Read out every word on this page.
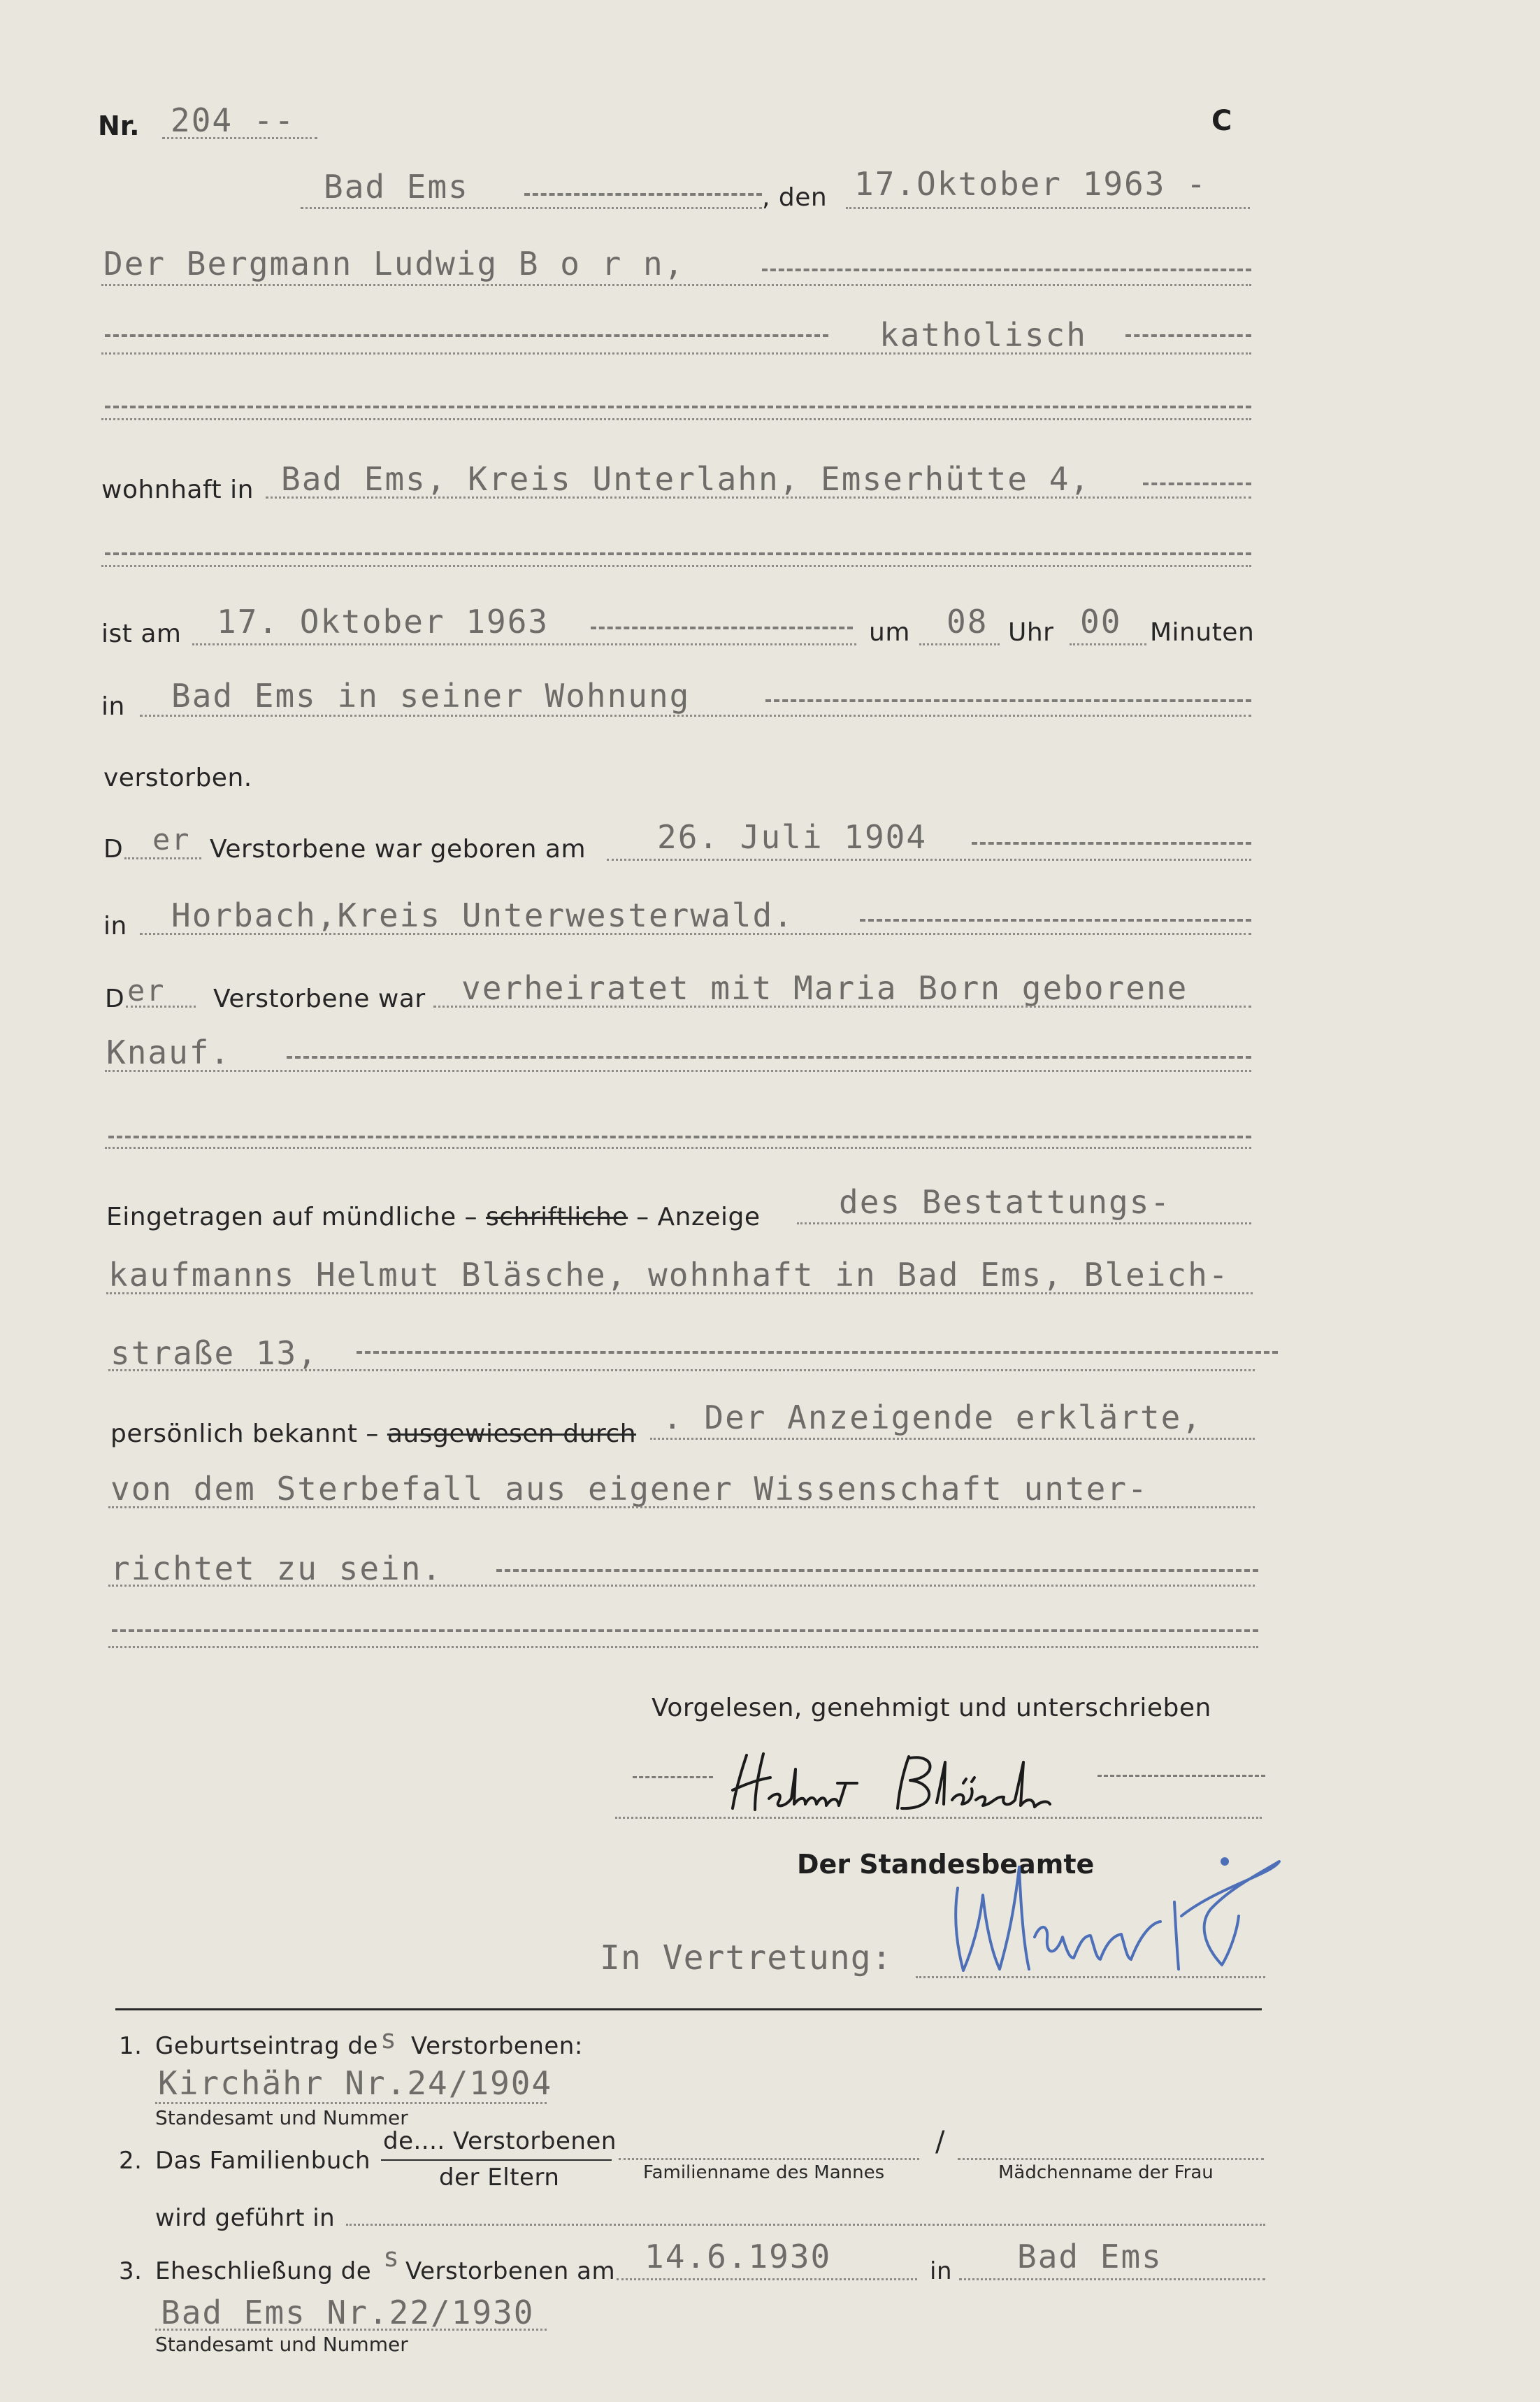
Nr. 204 --	C
Bad Ems	, den 17.Oktober 1963 -
Der Bergmann Ludwig B o r n,
katholisch
wohnhaft in Bad Ems, Kreis Unterlahn, Emserhütte 4,
ist am 17. Oktober 1963	um 08 Uhr 00 Minuten
in Bad Ems in seiner Wohnung
verstorben.
D er Verstorbene war geboren am 26. Juli 1904
in Horbach,Kreis Unterwesterwald.
D er Verstorbene war verheiratet mit Maria Born geborene
Knauf.
Eingetragen auf mündliche – schriftliche – Anzeige des Bestattungs-
kaufmanns Helmut Bläsche, wohnhaft in Bad Ems, Bleich-
straße 13,
persönlich bekannt – ausgewiesen durch . Der Anzeigende erklärte,
von dem Sterbefall aus eigener Wissenschaft unter-
richtet zu sein.
Vorgelesen, genehmigt und unterschrieben
Der Standesbeamte
In Vertretung:
1. Geburtseintrag de s Verstorbenen:
Kirchähr Nr.24/1904
Standesamt und Nummer
2. Das Familienbuch
de.... Verstorbenen
der Eltern	Familienname des Mannes
/
Mädchenname der Frau
wird geführt in
3. Eheschließung de s Verstorbenen am 14.6.1930	in Bad Ems
Bad Ems Nr.22/1930
Standesamt und Nummer
